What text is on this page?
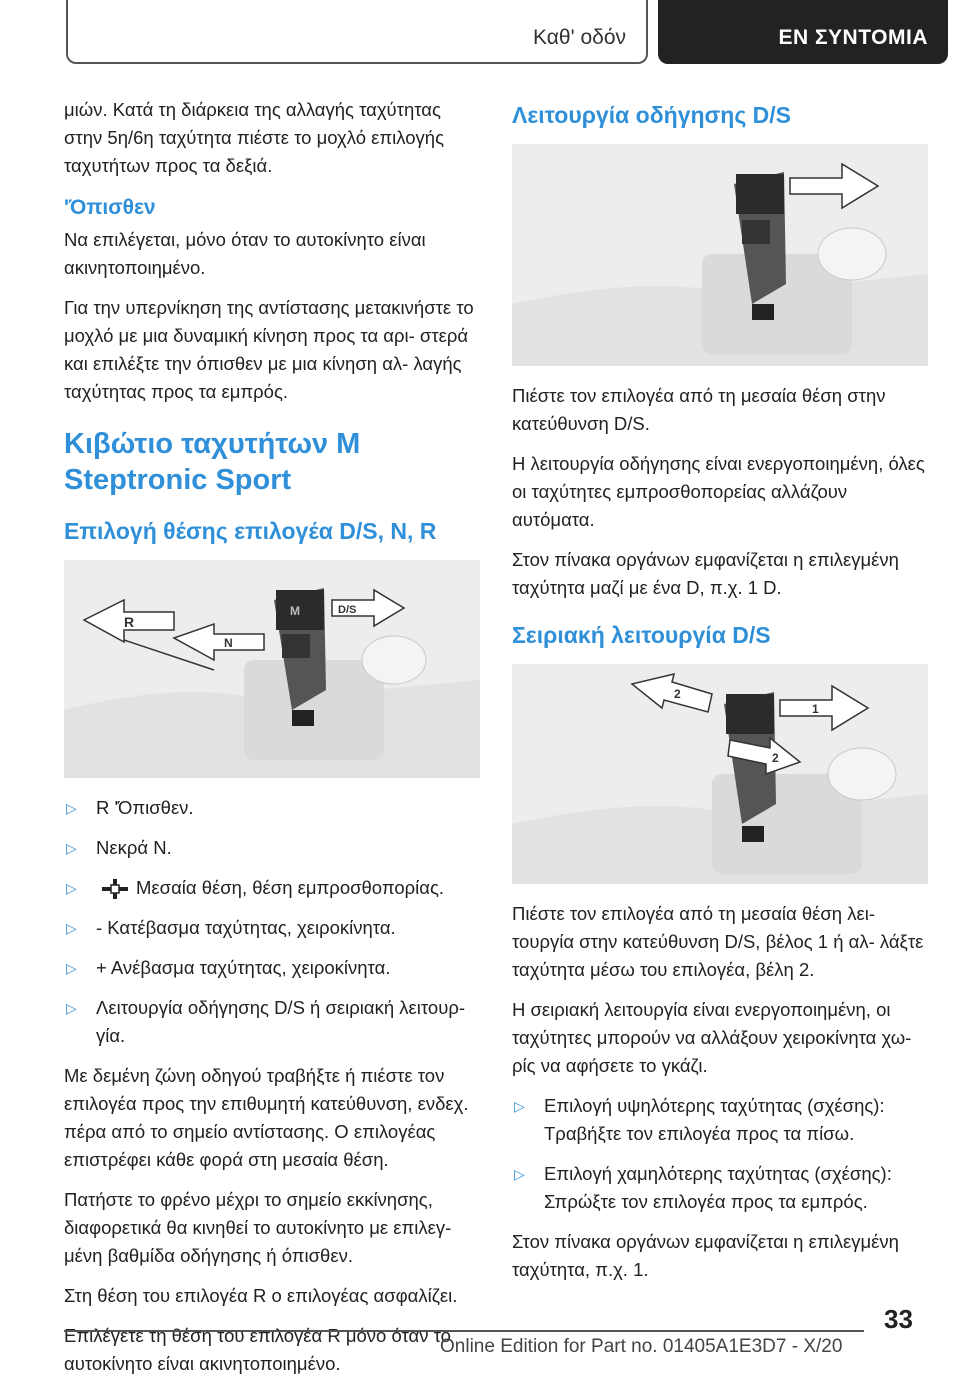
Καθ' οδόν	ΕΝ ΣΥΝΤΟΜΙΑ

μιών. Κατά τη διάρκεια της αλλαγής ταχύτητας στην 5η/6η ταχύτητα πιέστε το μοχλό επιλογής ταχυτήτων προς τα δεξιά.

'Όπισθεν

Να επιλέγεται, μόνο όταν το αυτοκίνητο είναι ακινητοποιημένο.

Για την υπερνίκηση της αντίστασης μετακινήστε το μοχλό με μια δυναμική κίνηση προς τα αρι- στερά και επιλέξτε την όπισθεν με μια κίνηση αλ- λαγής ταχύτητας προς τα εμπρός.

Κιβώτιο ταχυτήτων M Steptronic Sport
Επιλογή θέσης επιλογέα D/S, N, R
M
R
N
D/S
▷ R 'Όπισθεν.
▷ Νεκρά N.
▷	Μεσαία θέση, θέση εμπροσθοπορίας.
▷ - Κατέβασμα ταχύτητας, χειροκίνητα.
▷ + Ανέβασμα ταχύτητας, χειροκίνητα.
▷ Λειτουργία οδήγησης D/S ή σειριακή λειτουρ- γία.

Με δεμένη ζώνη οδηγού τραβήξτε ή πιέστε τον επιλογέα προς την επιθυμητή κατεύθυνση, ενδεχ. πέρα από το σημείο αντίστασης. Ο επιλογέας επιστρέφει κάθε φορά στη μεσαία θέση.

Πατήστε το φρένο μέχρι το σημείο εκκίνησης, διαφορετικά θα κινηθεί το αυτοκίνητο με επιλεγ- μένη βαθμίδα οδήγησης ή όπισθεν.

Στη θέση του επιλογέα R ο επιλογέας ασφαλίζει.

Επιλέγετε τη θέση του επιλογέα R μόνο όταν το αυτοκίνητο είναι ακινητοποιημένο.

Λειτουργία οδήγησης D/S

Πιέστε τον επιλογέα από τη μεσαία θέση στην κατεύθυνση D/S.

Η λειτουργία οδήγησης είναι ενεργοποιημένη, όλες οι ταχύτητες εμπροσθοπορείας αλλάζουν αυτόματα.

Στον πίνακα οργάνων εμφανίζεται η επιλεγμένη ταχύτητα μαζί με ένα D, π.χ. 1 D.

Σειριακή λειτουργία D/S
2
1
2

Πιέστε τον επιλογέα από τη μεσαία θέση λει- τουργία στην κατεύθυνση D/S, βέλος 1 ή αλ- λάξτε ταχύτητα μέσω του επιλογέα, βέλη 2.

Η σειριακή λειτουργία είναι ενεργοποιημένη, οι ταχύτητες μπορούν να αλλάξουν χειροκίνητα χω- ρίς να αφήσετε το γκάζι.

▷ Επιλογή υψηλότερης ταχύτητας (σχέσης): Τραβήξτε τον επιλογέα προς τα πίσω.
▷ Επιλογή χαμηλότερης ταχύτητας (σχέσης): Σπρώξτε τον επιλογέα προς τα εμπρός.

Στον πίνακα οργάνων εμφανίζεται η επιλεγμένη ταχύτητα, π.χ. 1.

33
Online Edition for Part no. 01405A1E3D7 - X/20
